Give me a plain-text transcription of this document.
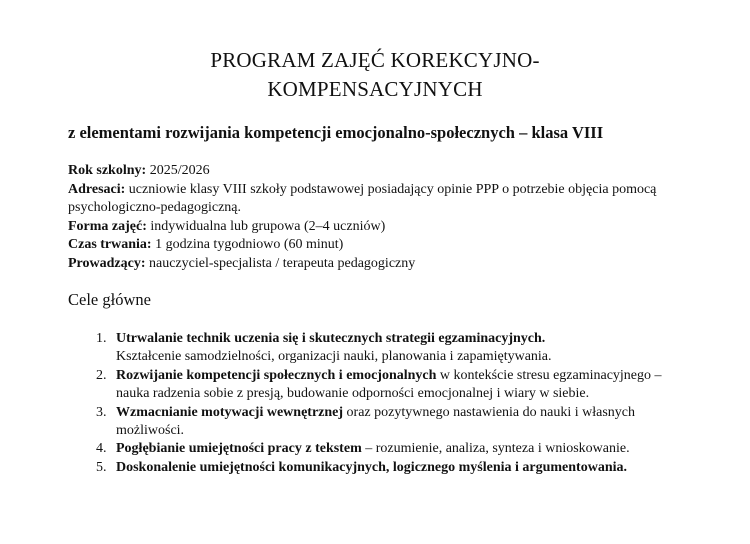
PROGRAM ZAJĘĆ KOREKCYJNO-
KOMPENSACYJNYCH
z elementami rozwijania kompetencji emocjonalno-społecznych – klasa VIII

Rok szkolny: 2025/2026

Adresaci: uczniowie klasy VIII szkoły podstawowej posiadający opinie PPP o potrzebie objęcia pomocą psychologiczno-pedagogiczną.

Forma zajęć: indywidualna lub grupowa (2–4 uczniów)

Czas trwania: 1 godzina tygodniowo (60 minut)

Prowadzący: nauczyciel-specjalista / terapeuta pedagogiczny

Cele główne
1. Utrwalanie technik uczenia się i skutecznych strategii egzaminacyjnych.
Kształcenie samodzielności, organizacji nauki, planowania i zapamiętywania.
2. Rozwijanie kompetencji społecznych i emocjonalnych w kontekście stresu egzaminacyjnego – nauka radzenia sobie z presją, budowanie odporności emocjonalnej i wiary w siebie.
3. Wzmacnianie motywacji wewnętrznej oraz pozytywnego nastawienia do nauki i własnych możliwości.
4. Pogłębianie umiejętności pracy z tekstem – rozumienie, analiza, synteza i wnioskowanie.
5. Doskonalenie umiejętności komunikacyjnych, logicznego myślenia i argumentowania.
